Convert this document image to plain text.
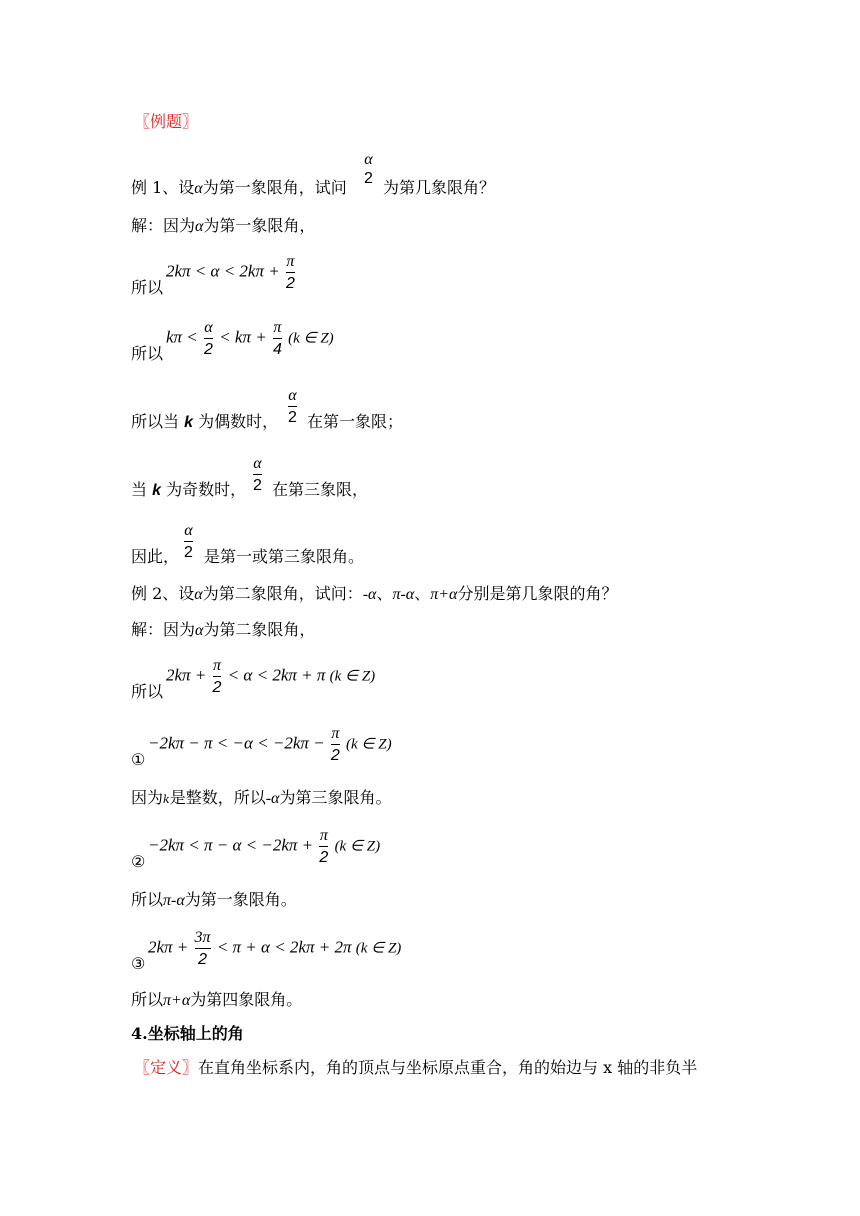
〖例题〗
例 1、设α为第一象限角，试问
α
2 为第几象限角？
解：因为α为第一象限角，
所以
$2k\pi < \alpha < 2k\pi + \frac{\pi}{2}$
所以
$k\pi < \frac{\alpha}{2} < k\pi + \frac{\pi}{4} (k$ ∈ Z)
所以当 k 为偶数时，
α
2 在第一象限；
当 k 为奇数时，
α
2 在第三象限，
因此，
α
2 是第一或第三象限角。
例 2、设α为第二象限角，试问：-α、π-α、π+α分别是第几象限的角？
解：因为α为第二象限角，
所以
$2k\pi + \frac{\pi}{2} < \alpha < 2k\pi + \pi$ (k ∈ Z)
①
$-2k\pi - \pi < -\alpha < -2k\pi - \frac{\pi}{2} (k$ ∈ Z)
因为k是整数，所以-α为第三象限角。
②
$-2k\pi < \pi - \alpha < -2k\pi + \frac{\pi}{2} (k$ ∈ Z)
所以π-α为第一象限角。
③
$2k\pi + \frac{3\pi}{2} < \pi + \alpha < 2k\pi + 2\pi$ (k ∈ Z)
所以π+α为第四象限角。
4.坐标轴上的角
〖定义〗在直角坐标系内，角的顶点与坐标原点重合，角的始边与 x 轴的非负半
